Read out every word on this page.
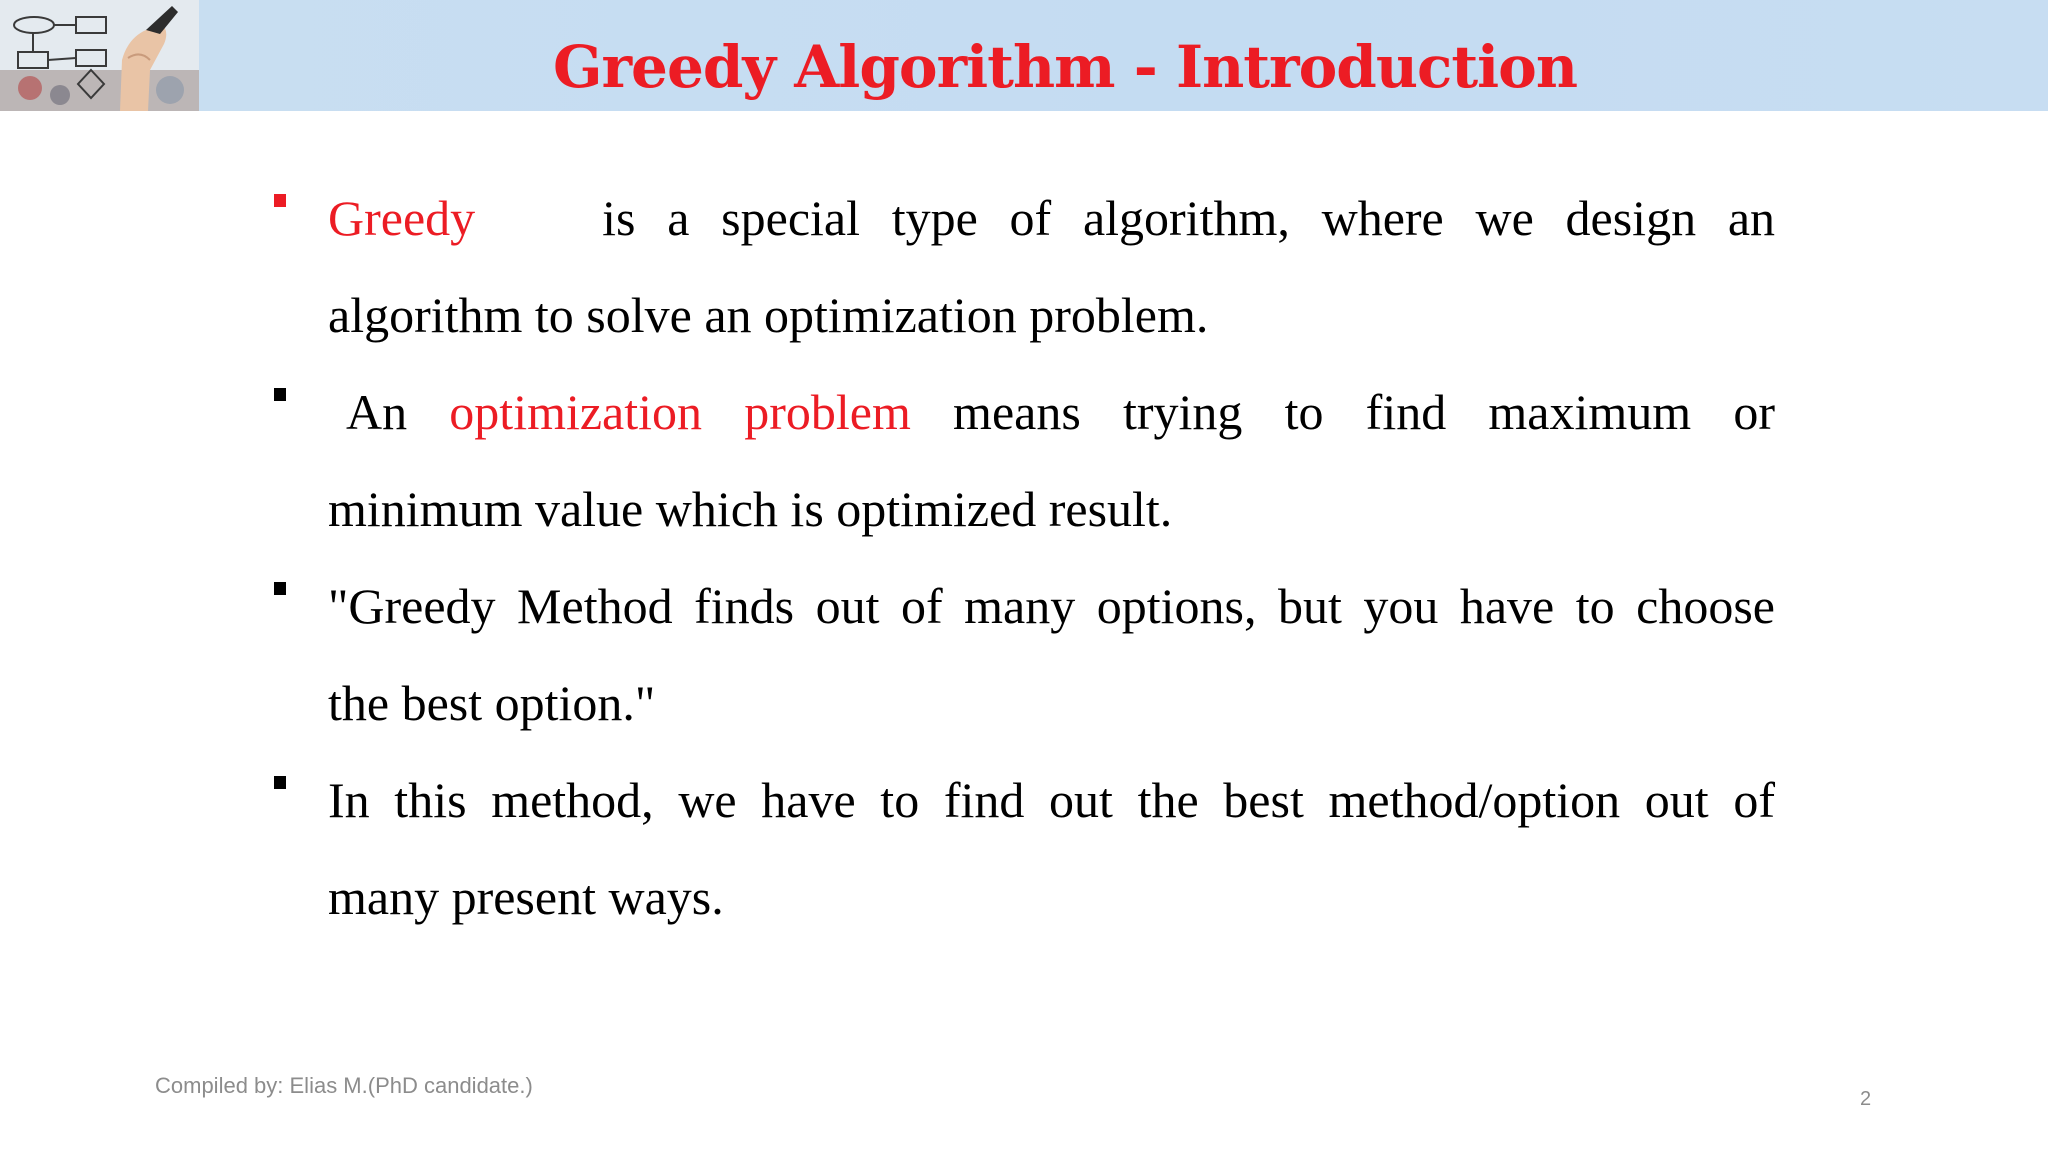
Greedy Algorithm - Introduction

Greedy	is a special type of algorithm, where we design an
algorithm to solve an optimization problem.

An optimization problem means trying to find maximum or
minimum value which is optimized result.

"Greedy Method finds out of many options, but you have to choose
the best option."

In this method, we have to find out the best method/option out of
many present ways.

Compiled by: Elias M.(PhD candidate.)
2
